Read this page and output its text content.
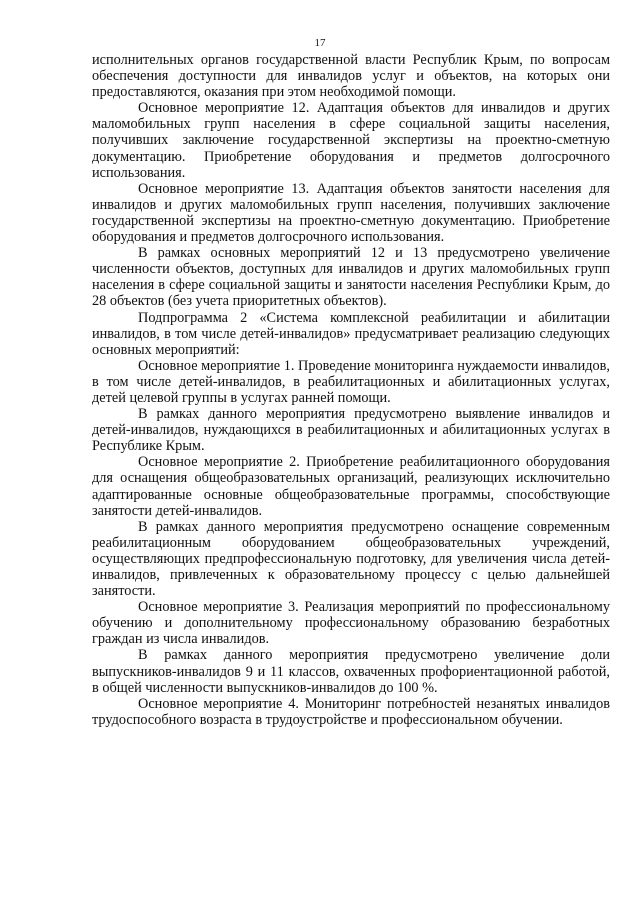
17

исполнительных органов государственной власти Республик Крым, по вопросам обеспечения доступности для инвалидов услуг и объектов, на которых они предоставляются, оказания при этом необходимой помощи.

Основное мероприятие 12. Адаптация объектов для инвалидов и других маломобильных групп населения в сфере социальной защиты населения, получивших заключение государственной экспертизы на проектно-сметную документацию. Приобретение оборудования и предметов долгосрочного использования.

Основное мероприятие 13. Адаптация объектов занятости населения для инвалидов и других маломобильных групп населения, получивших заключение государственной экспертизы на проектно-сметную документацию. Приобретение оборудования и предметов долгосрочного использования.

В рамках основных мероприятий 12 и 13 предусмотрено увеличение численности объектов, доступных для инвалидов и других маломобильных групп населения в сфере социальной защиты и занятости населения Республики Крым, до 28 объектов (без учета приоритетных объектов).

Подпрограмма 2 «Система комплексной реабилитации и абилитации инвалидов, в том числе детей-инвалидов» предусматривает реализацию следующих основных мероприятий:

Основное мероприятие 1. Проведение мониторинга нуждаемости инвалидов, в том числе детей-инвалидов, в реабилитационных и абилитационных услугах, детей целевой группы в услугах ранней помощи.

В рамках данного мероприятия предусмотрено выявление инвалидов и детей-инвалидов, нуждающихся в реабилитационных и абилитационных услугах в Республике Крым.

Основное мероприятие 2. Приобретение реабилитационного оборудования для оснащения общеобразовательных организаций, реализующих исключительно адаптированные основные общеобразовательные программы, способствующие занятости детей-инвалидов.

В рамках данного мероприятия предусмотрено оснащение современным реабилитационным оборудованием общеобразовательных учреждений, осуществляющих предпрофессиональную подготовку, для увеличения числа детей-инвалидов, привлеченных к образовательному процессу с целью дальнейшей занятости.

Основное мероприятие 3. Реализация мероприятий по профессиональному обучению и дополнительному профессиональному образованию безработных граждан из числа инвалидов.

В рамках данного мероприятия предусмотрено увеличение доли выпускников-инвалидов 9 и 11 классов, охваченных профориентационной работой, в общей численности выпускников-инвалидов до 100 %.

Основное мероприятие 4. Мониторинг потребностей незанятых инвалидов трудоспособного возраста в трудоустройстве и профессиональном обучении.
